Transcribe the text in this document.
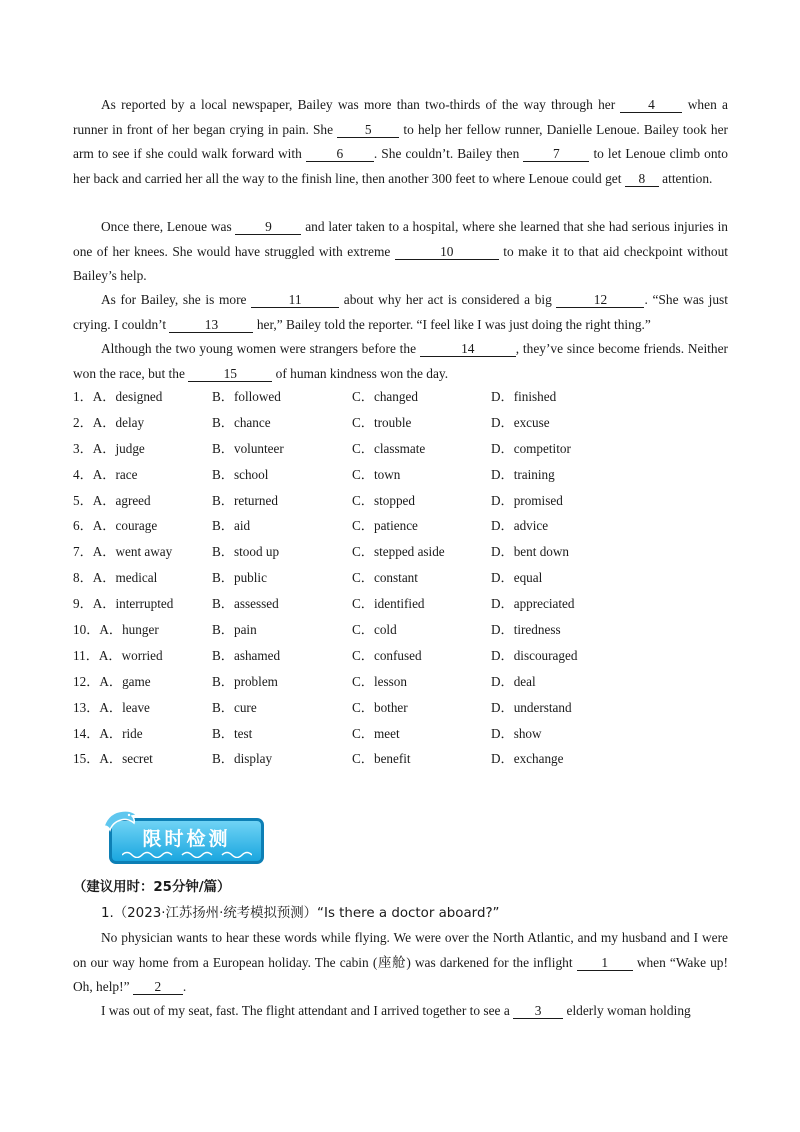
As reported by a local newspaper, Bailey was more than two-thirds of the way through her 4 when a runner in front of her began crying in pain. She 5 to help her fellow runner, Danielle Lenoue. Bailey took her arm to see if she could walk forward with	6 . She couldn’t. Bailey then	7	to let Lenoue climb onto her back and carried her all the way to the finish line, then another 300 feet to where Lenoue could get 8 attention.

Once there, Lenoue was 9 and later taken to a hospital, where she learned that she had serious injuries in one of her knees. She would have struggled with extreme	10	to make it to that aid checkpoint without Bailey’s help.

As for Bailey, she is more	11	about why her act is considered a big	12	. “She was just crying. I couldn’t	13	her,” Bailey told the reporter. “I feel like I was just doing the right thing.”

Although the two young women were strangers before the	14	, they’ve since become friends. Neither won the race, but the	15	of human kindness won the day.

1．A．designed	B．followed	C．changed	D．finished
2．A．delay	B．chance	C．trouble	D．excuse
3．A．judge	B．volunteer	C．classmate	D．competitor
4．A．race	B．school	C．town	D．training
5．A．agreed	B．returned	C．stopped	D．promised
6．A．courage	B．aid	C．patience	D．advice
7．A．went away	B．stood up	C．stepped aside	D．bent down
8．A．medical	B．public	C．constant	D．equal
9．A．interrupted	B．assessed	C．identified	D．appreciated
10．A．hunger	B．pain	C．cold	D．tiredness
11．A．worried	B．ashamed	C．confused	D．discouraged
12．A．game	B．problem	C．lesson	D．deal
13．A．leave	B．cure	C．bother	D．understand
14．A．ride	B．test	C．meet	D．show
15．A．secret	B．display	C．benefit	D．exchange
限时检测
（建议用时：25分钟/篇）

1.（2023·江苏扬州·统考模拟预测）“Is there a doctor aboard?”

No physician wants to hear these words while flying. We were over the North Atlantic, and my husband and I were on our way home from a European holiday. The cabin (座舱) was darkened for the inflight 1 when “Wake up! Oh, help!” 2 .

I was out of my seat, fast. The flight attendant and I arrived together to see a 3 elderly woman holding
